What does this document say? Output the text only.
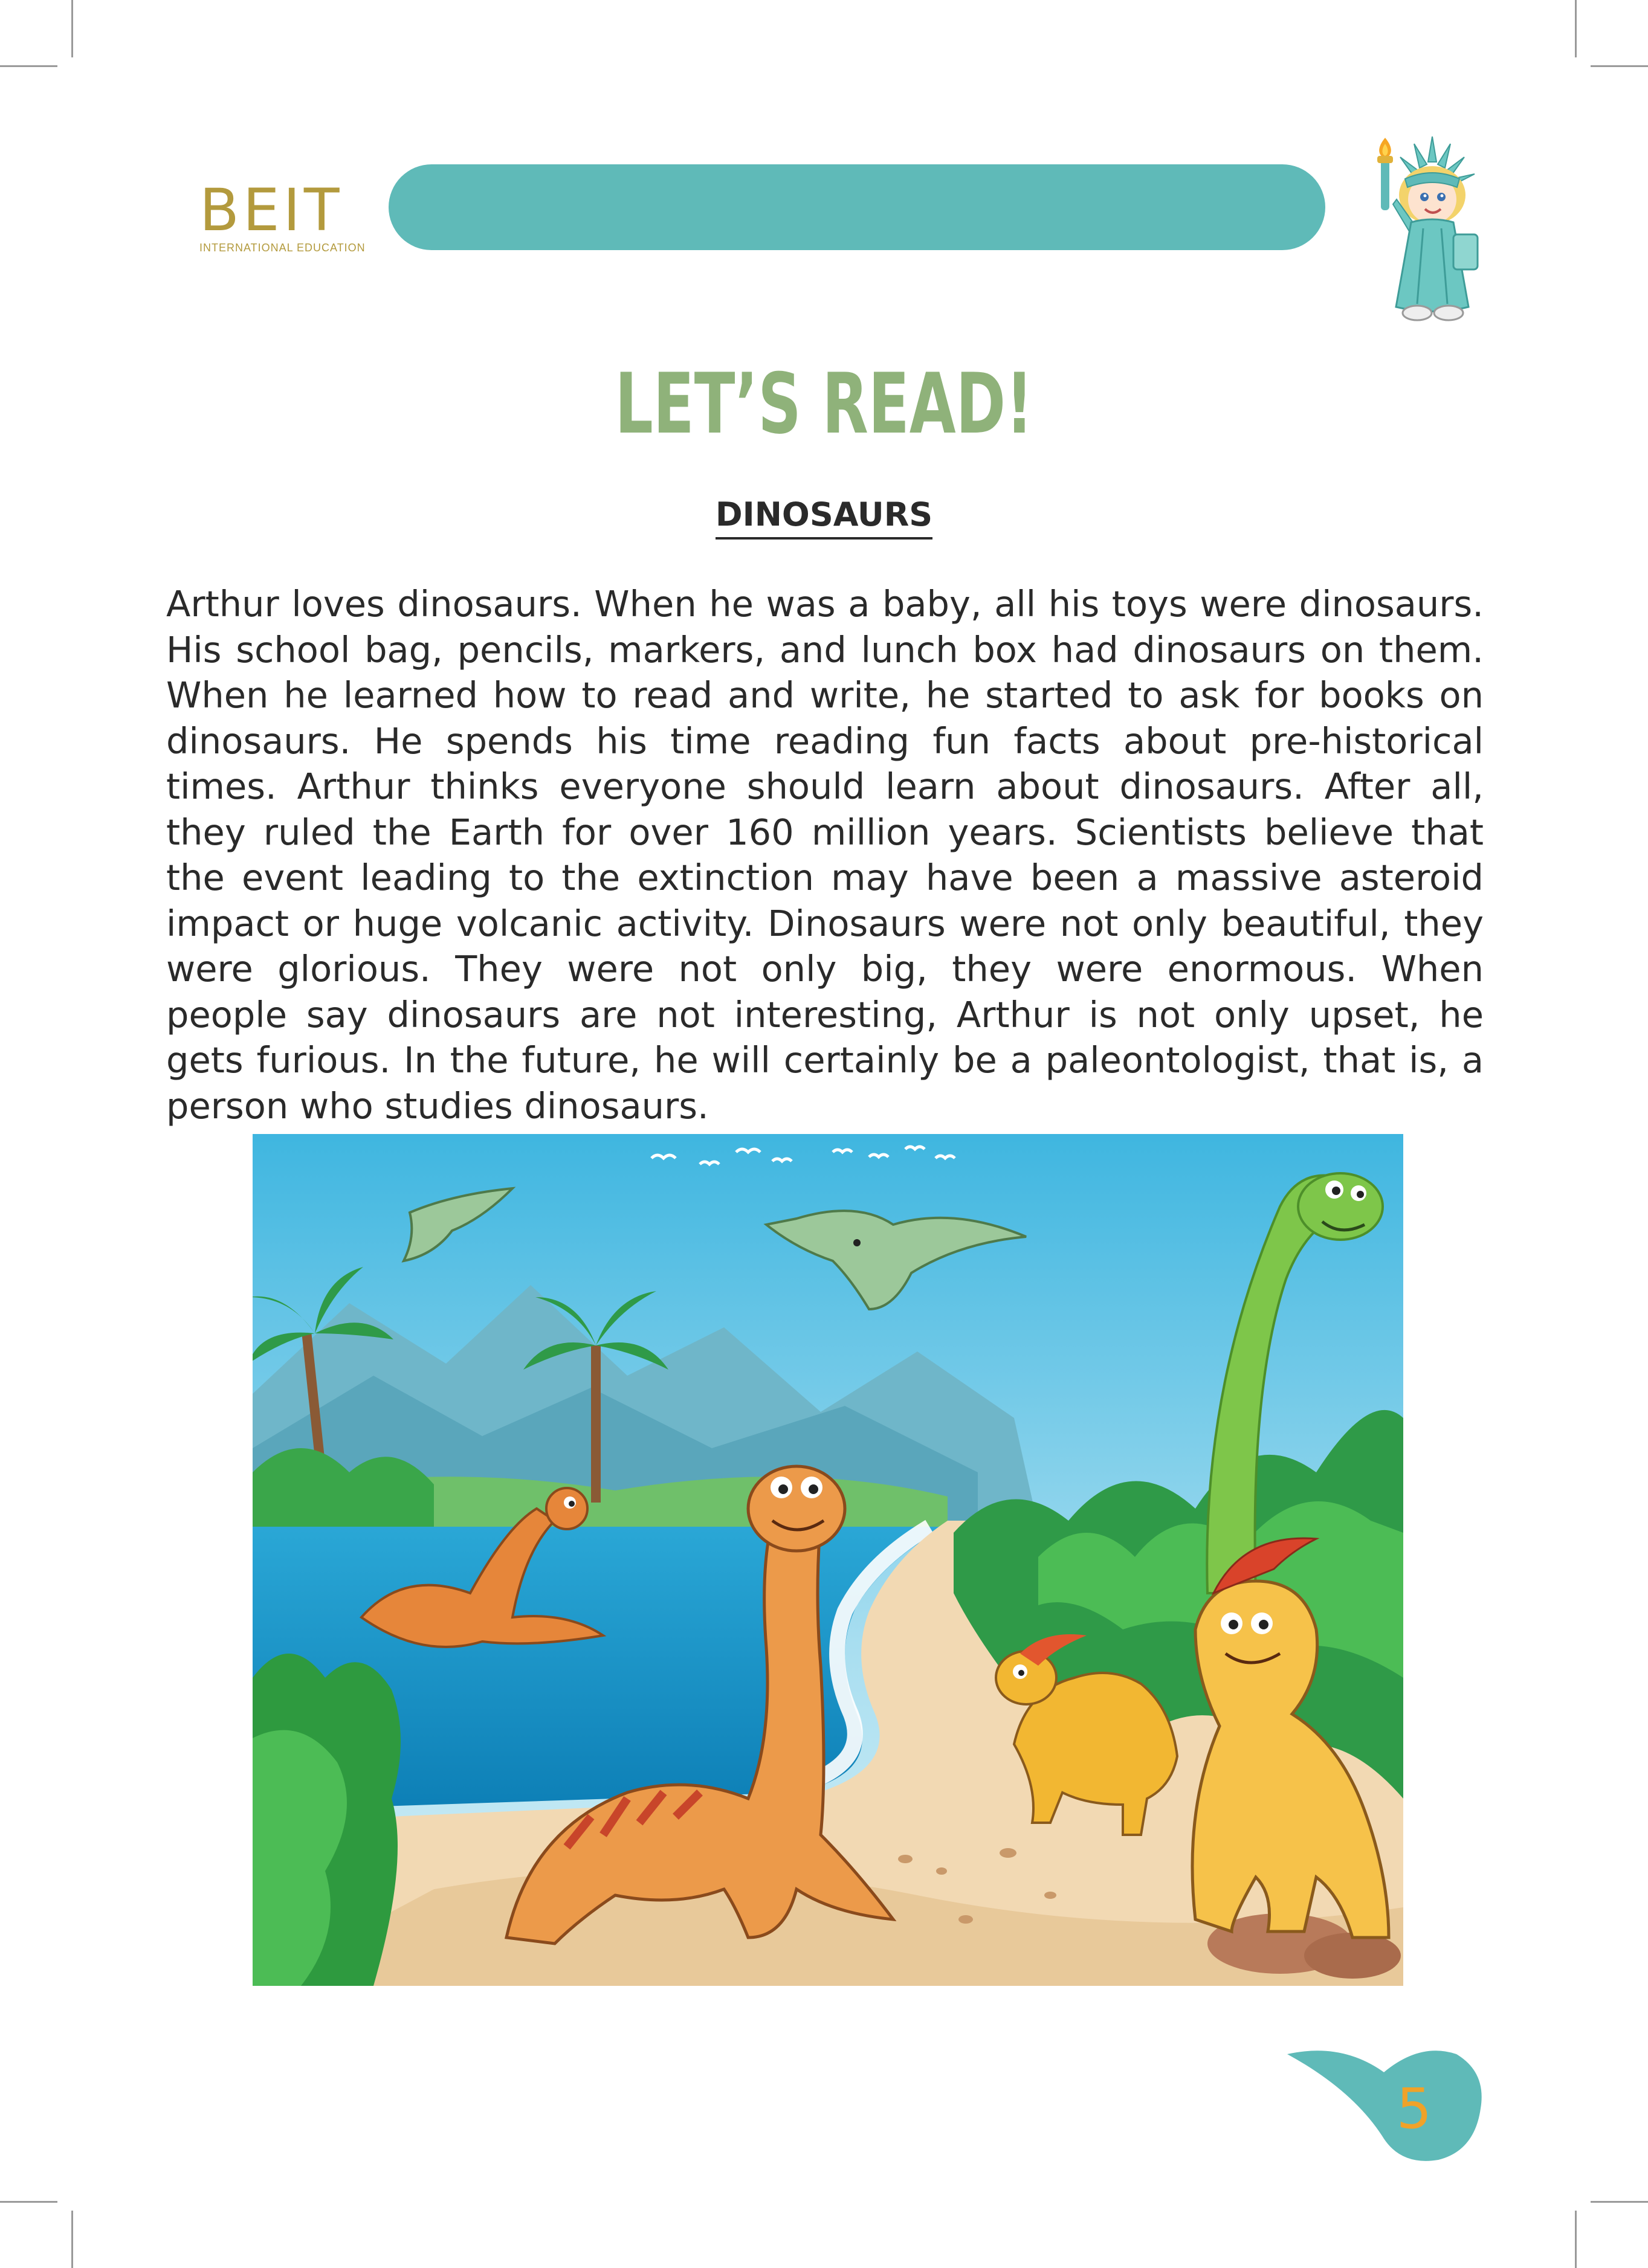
BEIT
INTERNATIONAL EDUCATION
LET’S READ!
DINOSAURS

Arthur loves dinosaurs. When he was a baby, all his toys were dinosaurs. His school bag, pencils, markers, and lunch box had dinosaurs on them. When he learned how to read and write, he started to ask for books on dinosaurs. He spends his time reading fun facts about pre-historical times. Arthur thinks everyone should learn about dinosaurs. After all, they ruled the Earth for over 160 million years. Scientists believe that the event leading to the extinction may have been a massive asteroid impact or huge volcanic activity. Dinosaurs were not only beautiful, they were glorious. They were not only big, they were enormous. When people say dinosaurs are not interesting, Arthur is not only upset, he gets furious. In the future, he will certainly be a paleontologist, that is, a person who studies dinosaurs.

5
